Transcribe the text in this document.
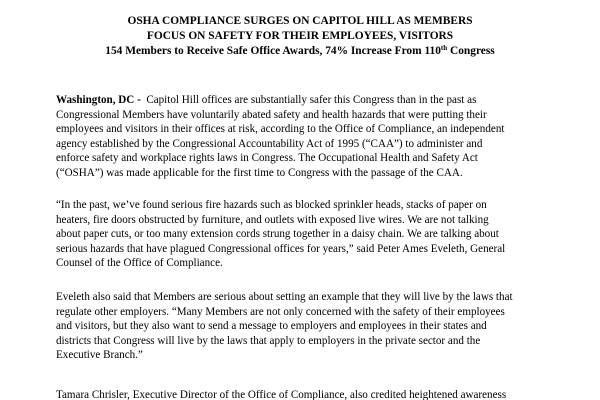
OSHA COMPLIANCE SURGES ON CAPITOL HILL AS MEMBERS
FOCUS ON SAFETY FOR THEIR EMPLOYEES, VISITORS
154 Members to Receive Safe Office Awards, 74% Increase From 110th Congress
Washington, DC -  Capitol Hill offices are substantially safer this Congress than in the past as
Congressional Members have voluntarily abated safety and health hazards that were putting their
employees and visitors in their offices at risk, according to the Office of Compliance, an independent
agency established by the Congressional Accountability Act of 1995 (“CAA”) to administer and
enforce safety and workplace rights laws in Congress. The Occupational Health and Safety Act
(“OSHA”) was made applicable for the first time to Congress with the passage of the CAA.
“In the past, we’ve found serious fire hazards such as blocked sprinkler heads, stacks of paper on
heaters, fire doors obstructed by furniture, and outlets with exposed live wires. We are not talking
about paper cuts, or too many extension cords strung together in a daisy chain. We are talking about
serious hazards that have plagued Congressional offices for years,” said Peter Ames Eveleth, General
Counsel of the Office of Compliance.
Eveleth also said that Members are serious about setting an example that they will live by the laws that
regulate other employers. “Many Members are not only concerned with the safety of their employees
and visitors, but they also want to send a message to employers and employees in their states and
districts that Congress will live by the laws that apply to employers in the private sector and the
Executive Branch.”
Tamara Chrisler, Executive Director of the Office of Compliance, also credited heightened awareness
